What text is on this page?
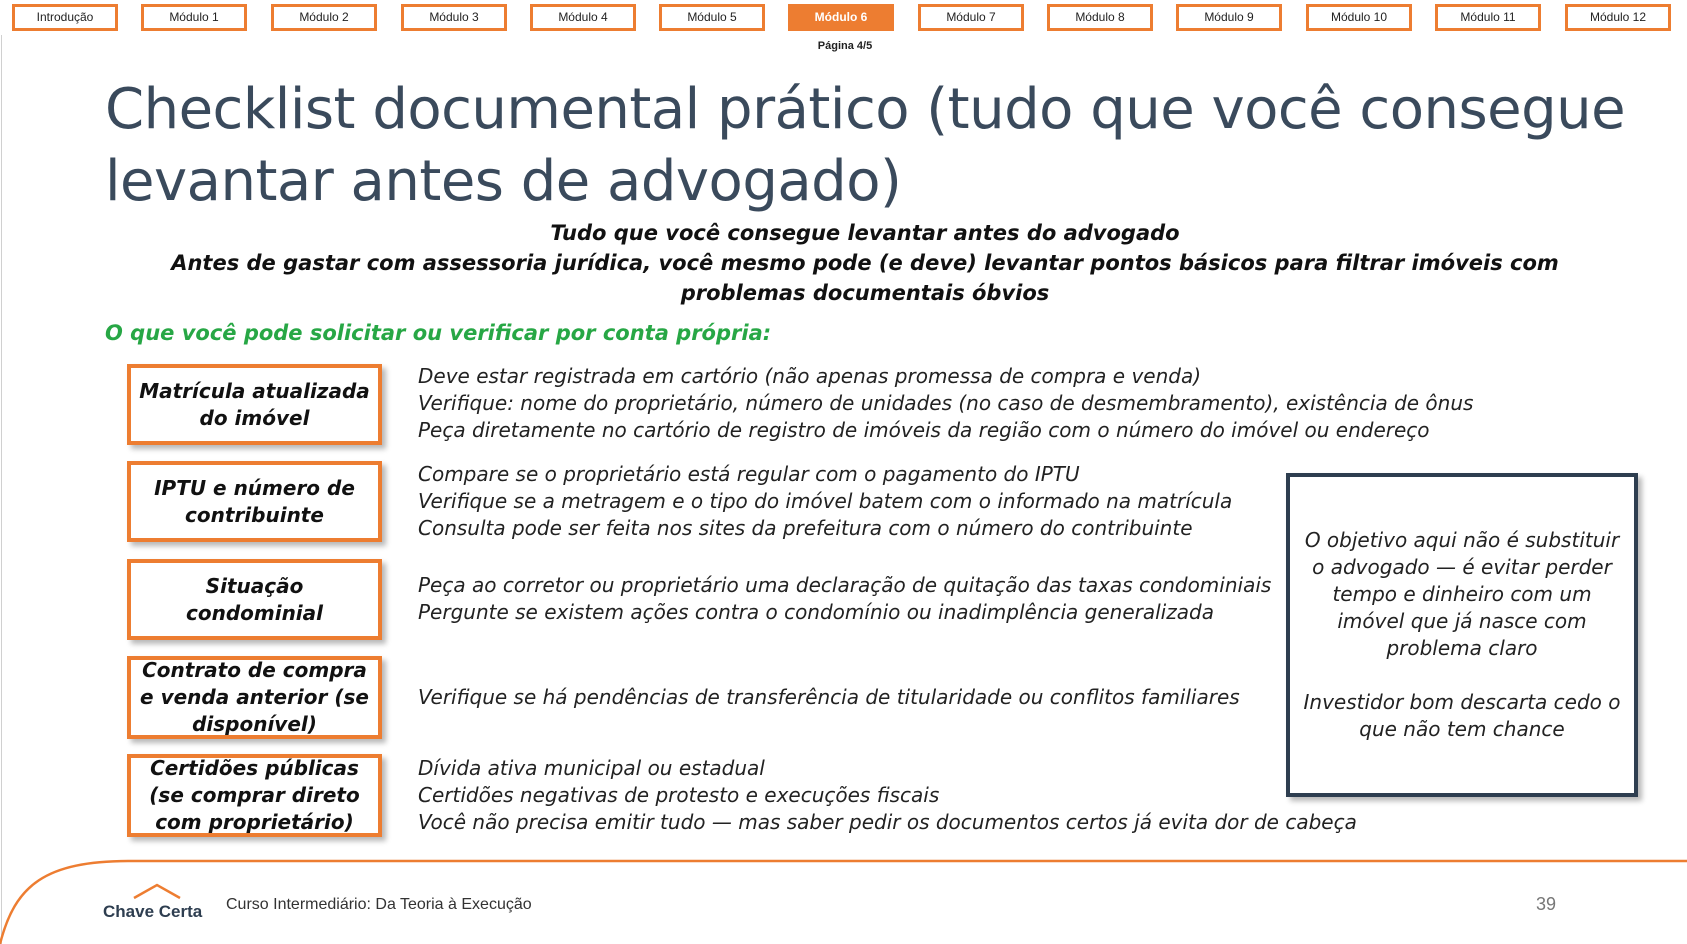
Introdução	Módulo 1	Módulo 2	Módulo 3	Módulo 4	Módulo 5	Módulo 6	Módulo 7	Módulo 8	Módulo 9	Módulo 10	Módulo 11	Módulo 12
Página 4/5
Checklist documental prático (tudo que você consegue levantar antes de advogado)

Tudo que você consegue levantar antes do advogado

Antes de gastar com assessoria jurídica, você mesmo pode (e deve) levantar pontos básicos para filtrar imóveis com problemas documentais óbvios

O que você pode solicitar ou verificar por conta própria:
Matrícula atualizada do imóvel
Deve estar registrada em cartório (não apenas promessa de compra e venda)
Verifique: nome do proprietário, número de unidades (no caso de desmembramento), existência de ônus
Peça diretamente no cartório de registro de imóveis da região com o número do imóvel ou endereço
IPTU e número de contribuinte
Compare se o proprietário está regular com o pagamento do IPTU
Verifique se a metragem e o tipo do imóvel batem com o informado na matrícula
Consulta pode ser feita nos sites da prefeitura com o número do contribuinte
Situação condominial
Peça ao corretor ou proprietário uma declaração de quitação das taxas condominiais
Pergunte se existem ações contra o condomínio ou inadimplência generalizada
Contrato de compra e venda anterior (se disponível)
Verifique se há pendências de transferência de titularidade ou conflitos familiares
Certidões públicas (se comprar direto com proprietário)
Dívida ativa municipal ou estadual
Certidões negativas de protesto e execuções fiscais
Você não precisa emitir tudo — mas saber pedir os documentos certos já evita dor de cabeça

O objetivo aqui não é substituir o advogado — é evitar perder tempo e dinheiro com um imóvel que já nasce com problema claro

Investidor bom descarta cedo o que não tem chance

Chave Certa Curso Intermediário: Da Teoria à Execução	39
